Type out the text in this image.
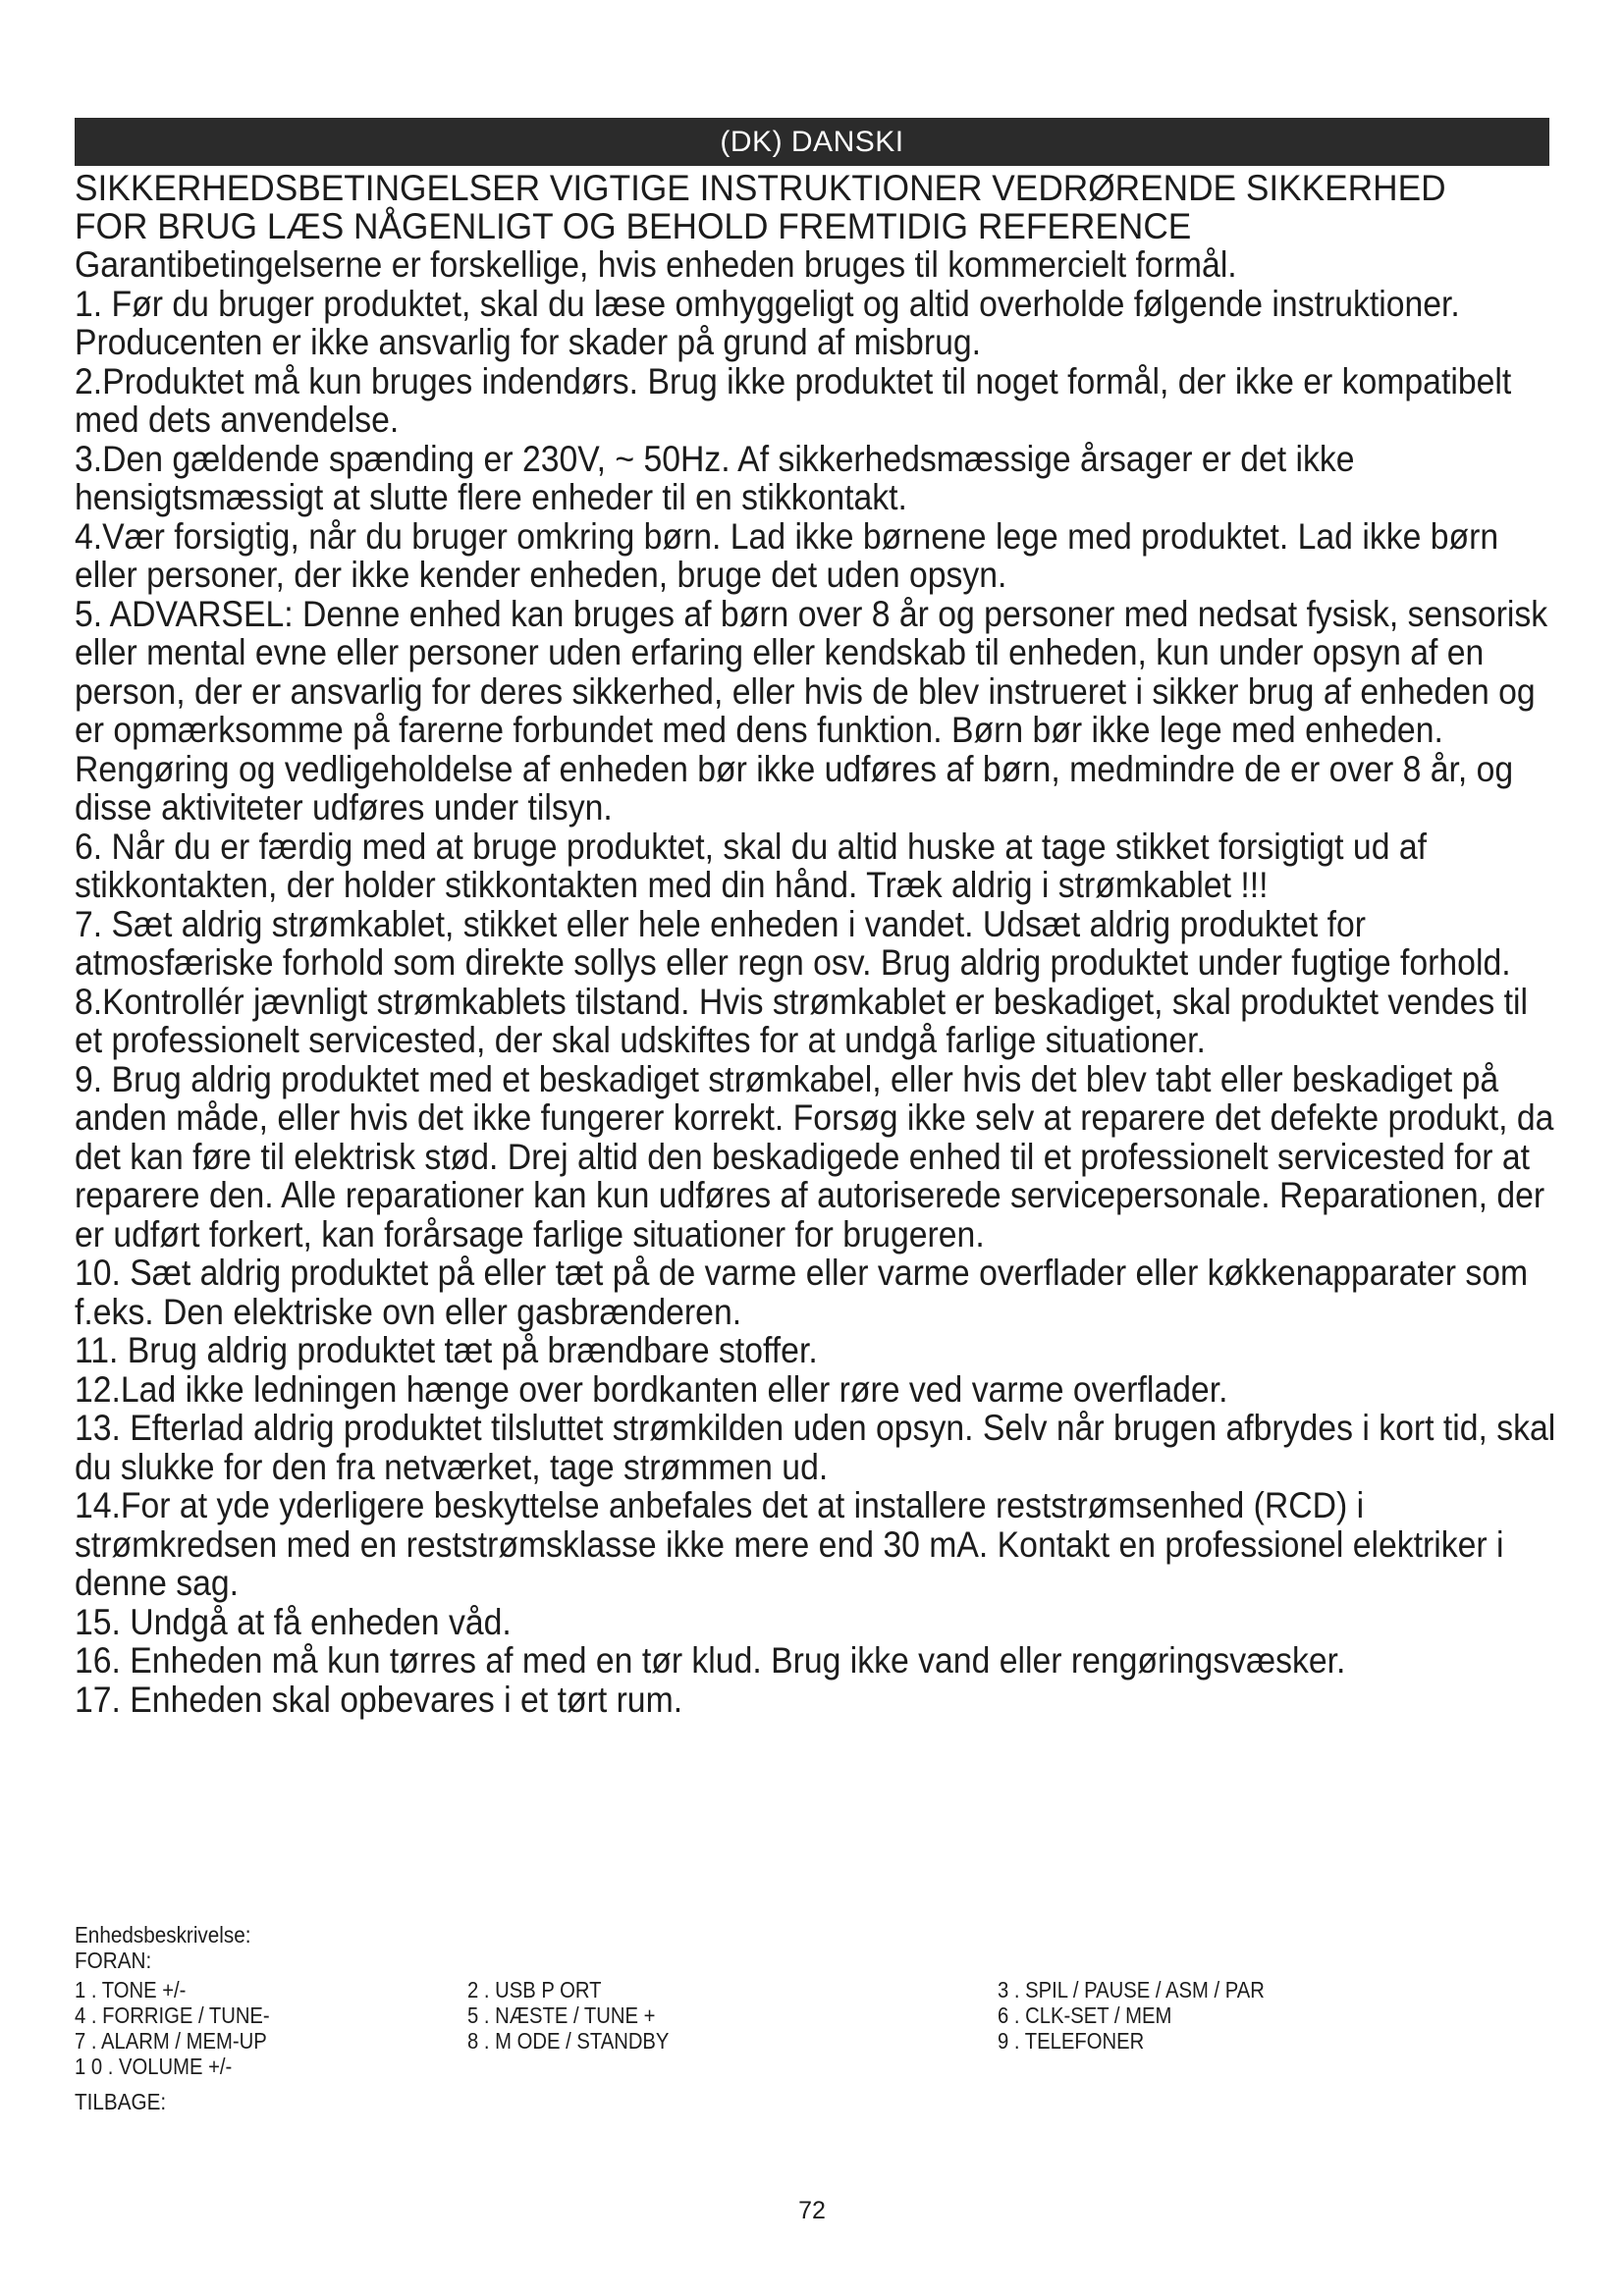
(DK) DANSKI

SIKKERHEDSBETINGELSER VIGTIGE INSTRUKTIONER VEDRØRENDE SIKKERHED

FOR BRUG LÆS NÅGENLIGT OG BEHOLD FREMTIDIG REFERENCE

Garantibetingelserne er forskellige, hvis enheden bruges til kommercielt formål.

1. Før du bruger produktet, skal du læse omhyggeligt og altid overholde følgende instruktioner. Producenten er ikke ansvarlig for skader på grund af misbrug.

2.Produktet må kun bruges indendørs. Brug ikke produktet til noget formål, der ikke er kompatibelt med dets anvendelse.

3.Den gældende spænding er 230V, ~ 50Hz. Af sikkerhedsmæssige årsager er det ikke hensigtsmæssigt at slutte flere enheder til en stikkontakt.

4.Vær forsigtig, når du bruger omkring børn. Lad ikke børnene lege med produktet. Lad ikke børn eller personer, der ikke kender enheden, bruge det uden opsyn.

5. ADVARSEL: Denne enhed kan bruges af børn over 8 år og personer med nedsat fysisk, sensorisk eller mental evne eller personer uden erfaring eller kendskab til enheden, kun under opsyn af en person, der er ansvarlig for deres sikkerhed, eller hvis de blev instrueret i sikker brug af enheden og er opmærksomme på farerne forbundet med dens funktion. Børn bør ikke lege med enheden. Rengøring og vedligeholdelse af enheden bør ikke udføres af børn, medmindre de er over 8 år, og disse aktiviteter udføres under tilsyn.

6. Når du er færdig med at bruge produktet, skal du altid huske at tage stikket forsigtigt ud af stikkontakten, der holder stikkontakten med din hånd. Træk aldrig i strømkablet !!!

7. Sæt aldrig strømkablet, stikket eller hele enheden i vandet. Udsæt aldrig produktet for atmosfæriske forhold som direkte sollys eller regn osv. Brug aldrig produktet under fugtige forhold.

8.Kontrollér jævnligt strømkablets tilstand. Hvis strømkablet er beskadiget, skal produktet vendes til et professionelt servicested, der skal udskiftes for at undgå farlige situationer.

9. Brug aldrig produktet med et beskadiget strømkabel, eller hvis det blev tabt eller beskadiget på anden måde, eller hvis det ikke fungerer korrekt. Forsøg ikke selv at reparere det defekte produkt, da det kan føre til elektrisk stød. Drej altid den beskadigede enhed til et professionelt servicested for at reparere den. Alle reparationer kan kun udføres af autoriserede servicepersonale. Reparationen, der er udført forkert, kan forårsage farlige situationer for brugeren.

10. Sæt aldrig produktet på eller tæt på de varme eller varme overflader eller køkkenapparater som f.eks. Den elektriske ovn eller gasbrænderen.

11. Brug aldrig produktet tæt på brændbare stoffer.

12.Lad ikke ledningen hænge over bordkanten eller røre ved varme overflader.

13. Efterlad aldrig produktet tilsluttet strømkilden uden opsyn. Selv når brugen afbrydes i kort tid, skal du slukke for den fra netværket, tage strømmen ud.

14.For at yde yderligere beskyttelse anbefales det at installere reststrømsenhed (RCD) i strømkredsen med en reststrømsklasse ikke mere end 30 mA. Kontakt en professionel elektriker i denne sag.

15. Undgå at få enheden våd.

16. Enheden må kun tørres af med en tør klud. Brug ikke vand eller rengøringsvæsker.

17. Enheden skal opbevares i et tørt rum.

Enhedsbeskrivelse:
FORAN:
1 . TONE +/-	2 . USB P ORT	3 . SPIL / PAUSE / ASM / PAR
4 . FORRIGE / TUNE-	5 . NÆSTE / TUNE +	6 . CLK-SET / MEM
7 . ALARM / MEM-UP	8 . M ODE / STANDBY	9 . TELEFONER
1 0 . VOLUME +/-
TILBAGE:
72
